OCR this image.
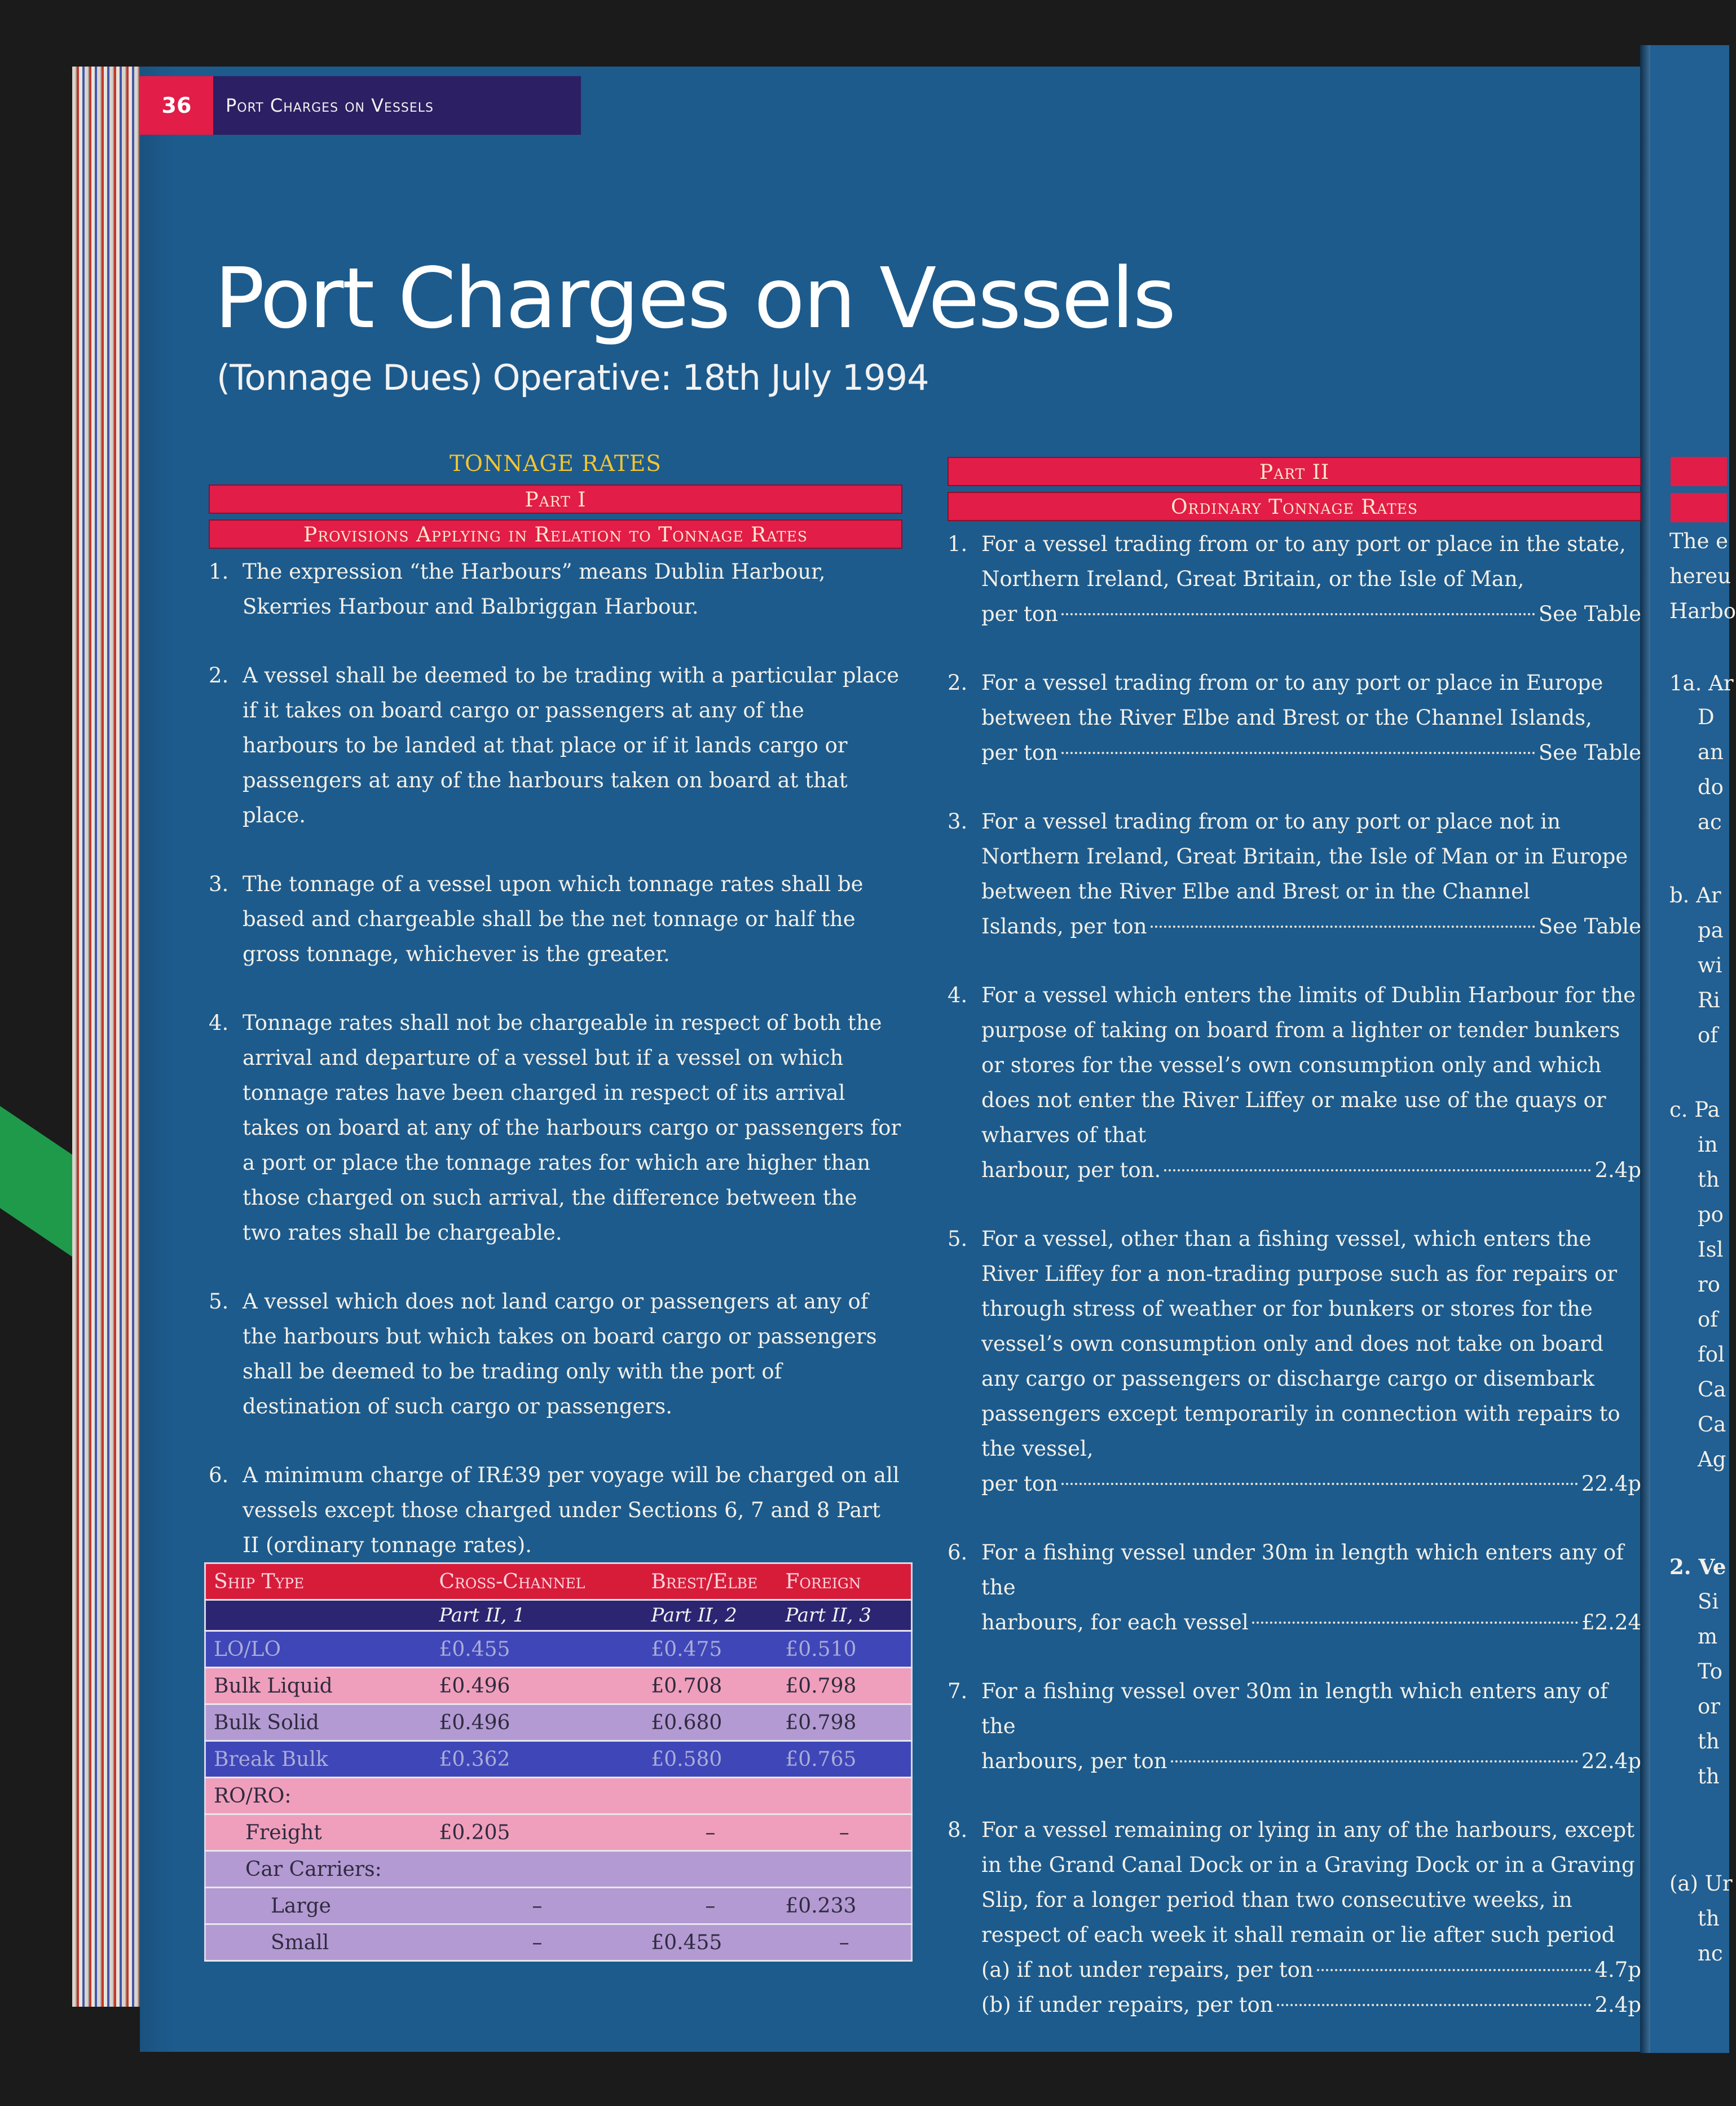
36	Port Charges on Vessels
Port Charges on Vessels
(Tonnage Dues) Operative: 18th July 1994
TONNAGE RATES
Part I
Provisions Applying in Relation to Tonnage Rates
1. The expression “the Harbours” means Dublin Harbour, Skerries Harbour and Balbriggan Harbour.
2. A vessel shall be deemed to be trading with a particular place if it takes on board cargo or passengers at any of the harbours to be landed at that place or if it lands cargo or passengers at any of the harbours taken on board at that place.
3. The tonnage of a vessel upon which tonnage rates shall be based and chargeable shall be the net tonnage or half the gross tonnage, whichever is the greater.
4. Tonnage rates shall not be chargeable in respect of both the arrival and departure of a vessel but if a vessel on which tonnage rates have been charged in respect of its arrival takes on board at any of the harbours cargo or passengers for a port or place the tonnage rates for which are higher than those charged on such arrival, the difference between the two rates shall be chargeable.
5. A vessel which does not land cargo or passengers at any of the harbours but which takes on board cargo or passengers shall be deemed to be trading only with the port of destination of such cargo or passengers.
6. A minimum charge of IR£39 per voyage will be charged on all vessels except those charged under Sections 6, 7 and 8 Part II (ordinary tonnage rates).
Ship Type	Cross-Channel	Brest/Elbe	Foreign
	Part II, 1	Part II, 2	Part II, 3
LO/LO	£0.455	£0.475	£0.510
Bulk Liquid	£0.496	£0.708	£0.798
Bulk Solid	£0.496	£0.680	£0.798
Break Bulk	£0.362	£0.580	£0.765
RO/RO:			
Freight	£0.205	–	–
Car Carriers:			
Large	–	–	£0.233
Small	–	£0.455	–
Part II
Ordinary Tonnage Rates
1. For a vessel trading from or to any port or place in the state, Northern Ireland, Great Britain, or the Isle of Man,
per ton	See Table
2. For a vessel trading from or to any port or place in Europe between the River Elbe and Brest or the Channel Islands,
per ton	See Table
3. For a vessel trading from or to any port or place not in Northern Ireland, Great Britain, the Isle of Man or in Europe between the River Elbe and Brest or in the Channel
Islands, per ton	See Table
4. For a vessel which enters the limits of Dublin Harbour for the purpose of taking on board from a lighter or tender bunkers or stores for the vessel’s own consumption only and which does not enter the River Liffey or make use of the quays or wharves of that
harbour, per ton.	2.4p
5. For a vessel, other than a fishing vessel, which enters the River Liffey for a non-trading purpose such as for repairs or through stress of weather or for bunkers or stores for the vessel’s own consumption only and does not take on board any cargo or passengers or discharge cargo or disembark passengers except temporarily in connection with repairs to the vessel,
per ton	22.4p
6. For a fishing vessel under 30m in length which enters any of the
harbours, for each vessel	£2.24
7. For a fishing vessel over 30m in length which enters any of the
harbours, per ton	22.4p
8. For a vessel remaining or lying in any of the harbours, except in the Grand Canal Dock or in a Graving Dock or in a Graving Slip, for a longer period than two consecutive weeks, in respect of each week it shall remain or lie after such period
(a) if not under repairs, per ton	4.7p
(b) if under repairs, per ton	2.4p
The e
hereu
Harbo
1a. Ar
D
an
do
ac
b. Ar
pa
wi
Ri
of
c. Pa
in
th
po
Isl
ro
of
fol
Ca
Ca
Ag
2. Ve
Si
m
To
or
th
th
(a) Ur
th
nc
